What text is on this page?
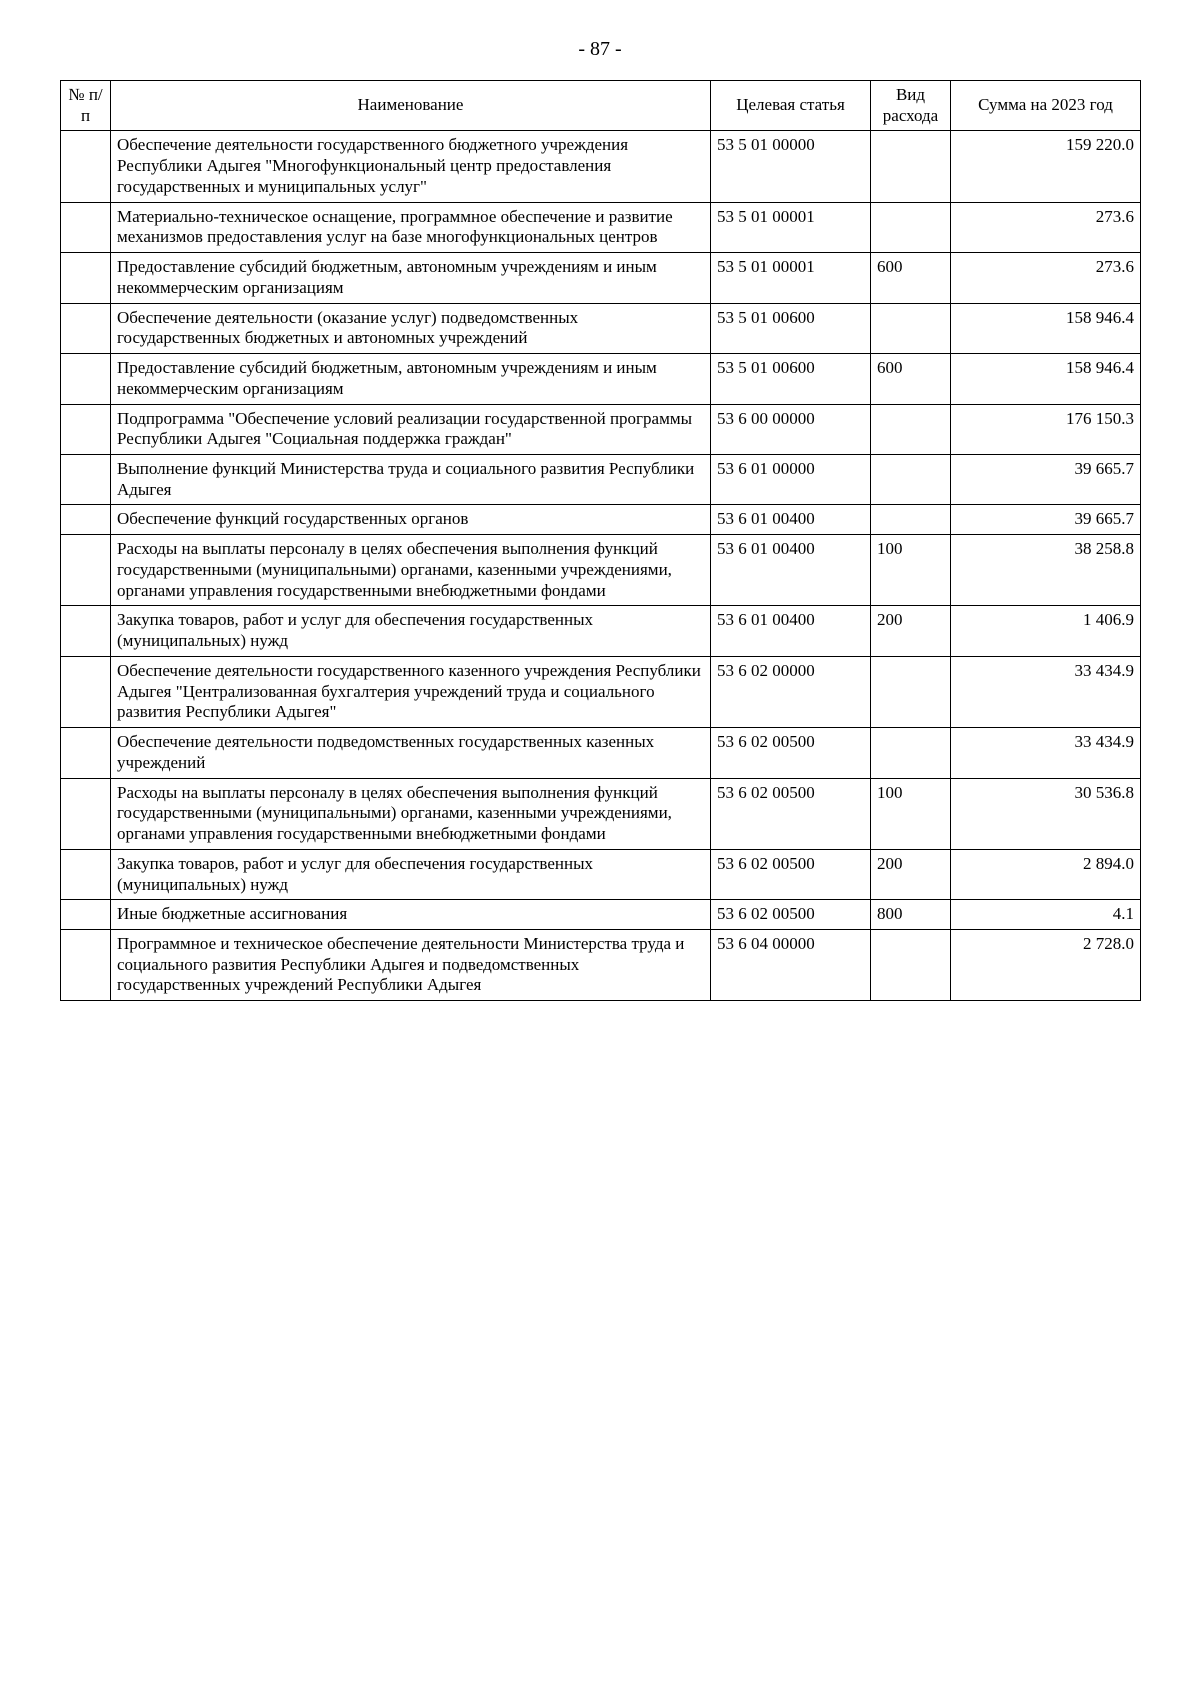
- 87 -
№ п/п	Наименование	Целевая статья	Вид расхода	Сумма на 2023 год
	Обеспечение деятельности государственного бюджетного учреждения Республики Адыгея "Многофункциональный центр предоставления государственных и муниципальных услуг"	53 5 01 00000		159 220.0
	Материально-техническое оснащение, программное обеспечение и развитие механизмов предоставления услуг на базе многофункциональных центров	53 5 01 00001		273.6
	Предоставление субсидий бюджетным, автономным учреждениям и иным некоммерческим организациям	53 5 01 00001	600	273.6
	Обеспечение деятельности (оказание услуг) подведомственных государственных бюджетных и автономных учреждений	53 5 01 00600		158 946.4
	Предоставление субсидий бюджетным, автономным учреждениям и иным некоммерческим организациям	53 5 01 00600	600	158 946.4
	Подпрограмма "Обеспечение условий реализации государственной программы Республики Адыгея "Социальная поддержка граждан"	53 6 00 00000		176 150.3
	Выполнение функций Министерства труда и социального развития Республики Адыгея	53 6 01 00000		39 665.7
	Обеспечение функций государственных органов	53 6 01 00400		39 665.7
	Расходы на выплаты персоналу в целях обеспечения выполнения функций государственными (муниципальными) органами, казенными учреждениями, органами управления государственными внебюджетными фондами	53 6 01 00400	100	38 258.8
	Закупка товаров, работ и услуг для обеспечения государственных (муниципальных) нужд	53 6 01 00400	200	1 406.9
	Обеспечение деятельности государственного казенного учреждения Республики Адыгея "Централизованная бухгалтерия учреждений труда и социального развития Республики Адыгея"	53 6 02 00000		33 434.9
	Обеспечение деятельности подведомственных государственных казенных учреждений	53 6 02 00500		33 434.9
	Расходы на выплаты персоналу в целях обеспечения выполнения функций государственными (муниципальными) органами, казенными учреждениями, органами управления государственными внебюджетными фондами	53 6 02 00500	100	30 536.8
	Закупка товаров, работ и услуг для обеспечения государственных (муниципальных) нужд	53 6 02 00500	200	2 894.0
	Иные бюджетные ассигнования	53 6 02 00500	800	4.1
	Программное и техническое обеспечение деятельности Министерства труда и социального развития Республики Адыгея и подведомственных государственных учреждений Республики Адыгея	53 6 04 00000		2 728.0
